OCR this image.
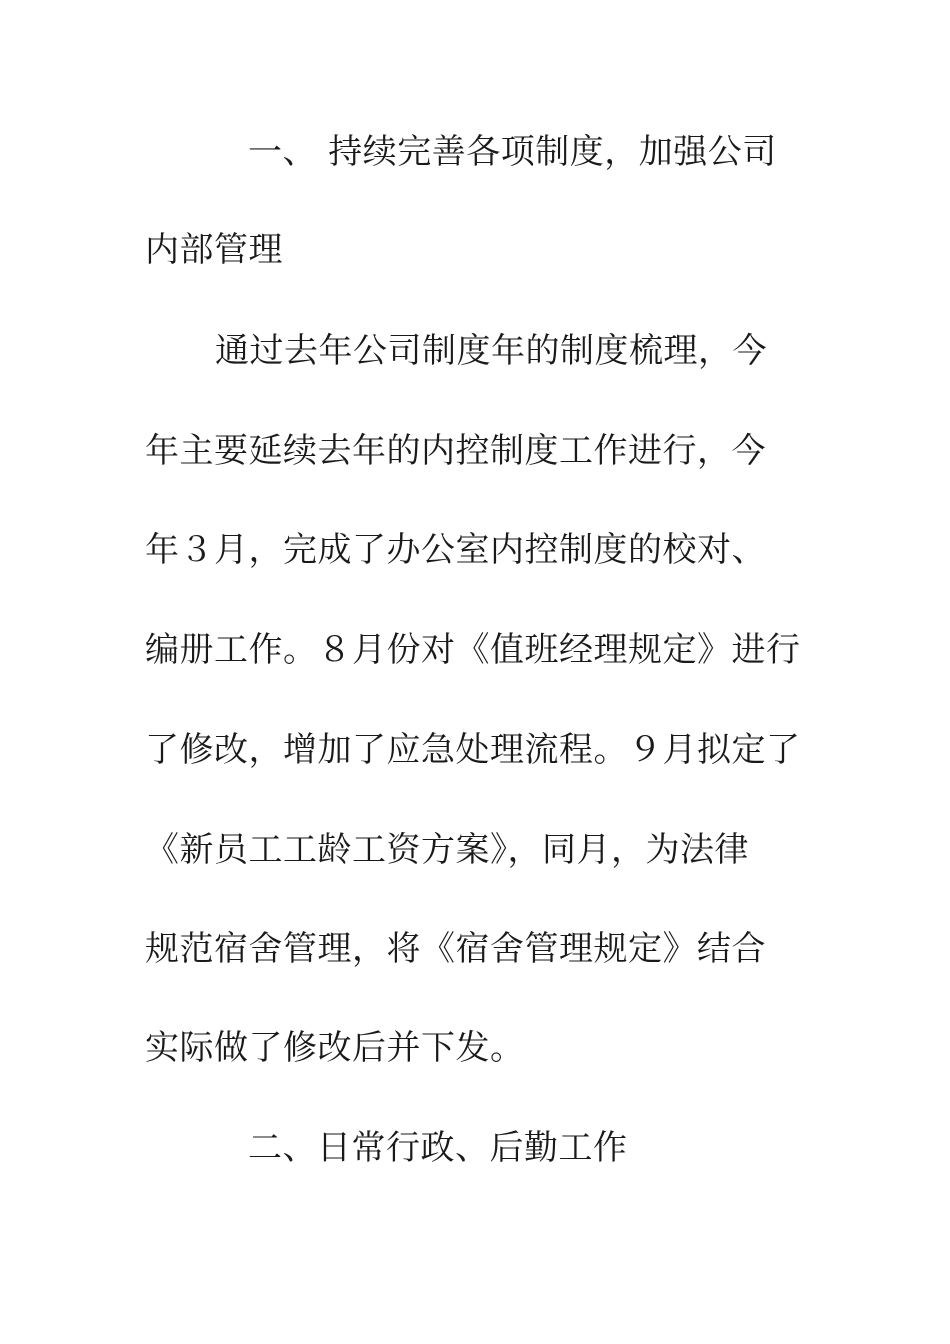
一、 持续完善各项制度，加强公司
内部管理
通过去年公司制度年的制度梳理，今
年主要延续去年的内控制度工作进行，今
年３月，完成了办公室内控制度的校对、
编册工作。８月份对《值班经理规定》进行
了修改，增加了应急处理流程。９月拟定了
《新员工工龄工资方案》，同月，为法律
规范宿舍管理，将《宿舍管理规定》结合
实际做了修改后并下发。
二、日常行政、后勤工作
